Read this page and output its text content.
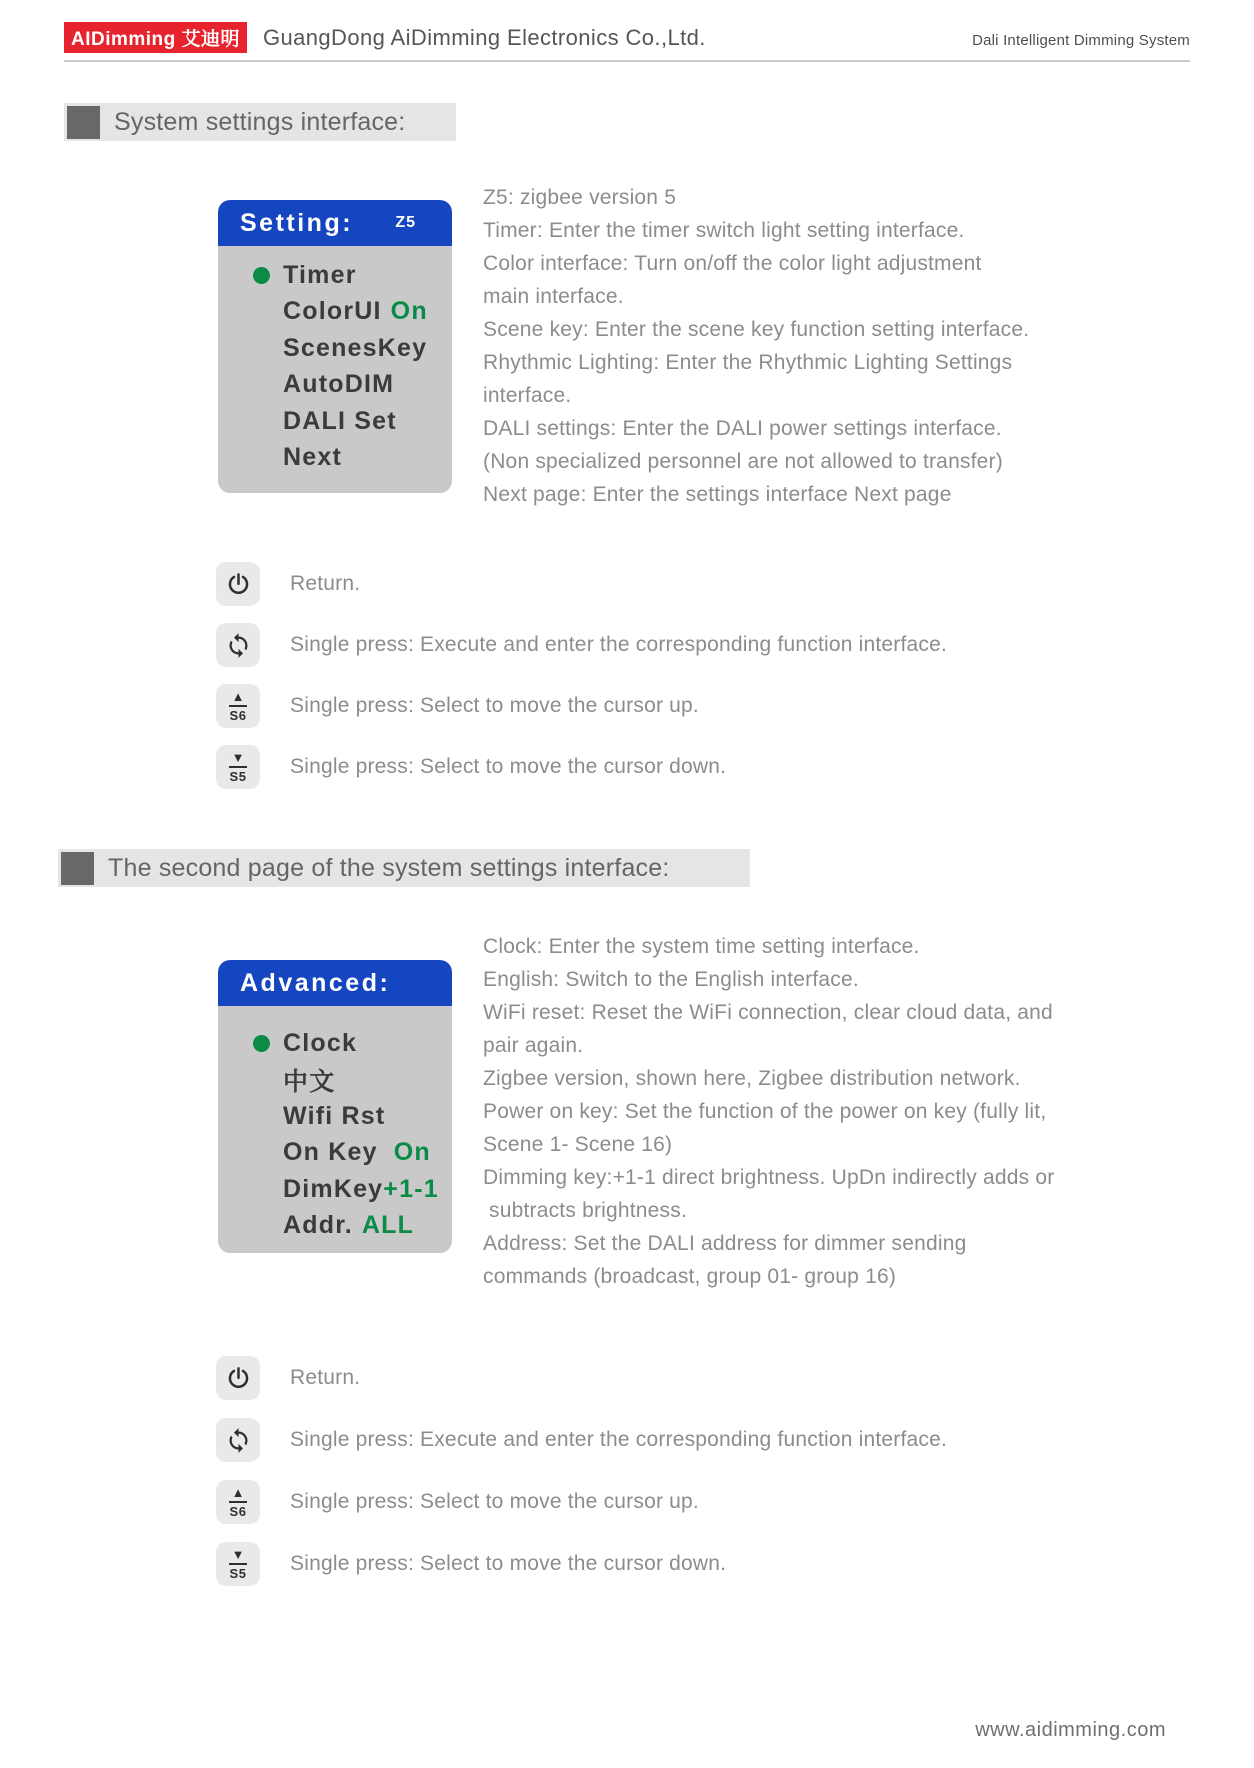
AIDimming 艾迪明	GuangDong AiDimming Electronics Co.,Ltd.	Dali Intelligent Dimming System
System settings interface:
Setting:	Z5
Timer
ColorUI On
ScenesKey
AutoDIM
DALI Set
Next
Z5: zigbee version 5
Timer: Enter the timer switch light setting interface.
Color interface: Turn on/off the color light adjustment
main interface.
Scene key: Enter the scene key function setting interface.
Rhythmic Lighting: Enter the Rhythmic Lighting Settings
interface.
DALI settings: Enter the DALI power settings interface.
(Non specialized personnel are not allowed to transfer)
Next page: Enter the settings interface Next page
Return.
Single press: Execute and enter the corresponding function interface.
▲
S6 Single press: Select to move the cursor up.
▼
S5 Single press: Select to move the cursor down.
The second page of the system settings interface:
Advanced:
Clock
中文
Wifi Rst
On Key On
DimKey +1-1
Addr. ALL
Clock: Enter the system time setting interface.
English: Switch to the English interface.
WiFi reset: Reset the WiFi connection, clear cloud data, and
pair again.
Zigbee version, shown here, Zigbee distribution network.
Power on key: Set the function of the power on key (fully lit,
Scene 1- Scene 16)
Dimming key:+1-1 direct brightness. UpDn indirectly adds or
subtracts brightness.
Address: Set the DALI address for dimmer sending
commands (broadcast, group 01- group 16)
Return.
Single press: Execute and enter the corresponding function interface.
▲
S6 Single press: Select to move the cursor up.
▼
S5 Single press: Select to move the cursor down.
www.aidimming.com
